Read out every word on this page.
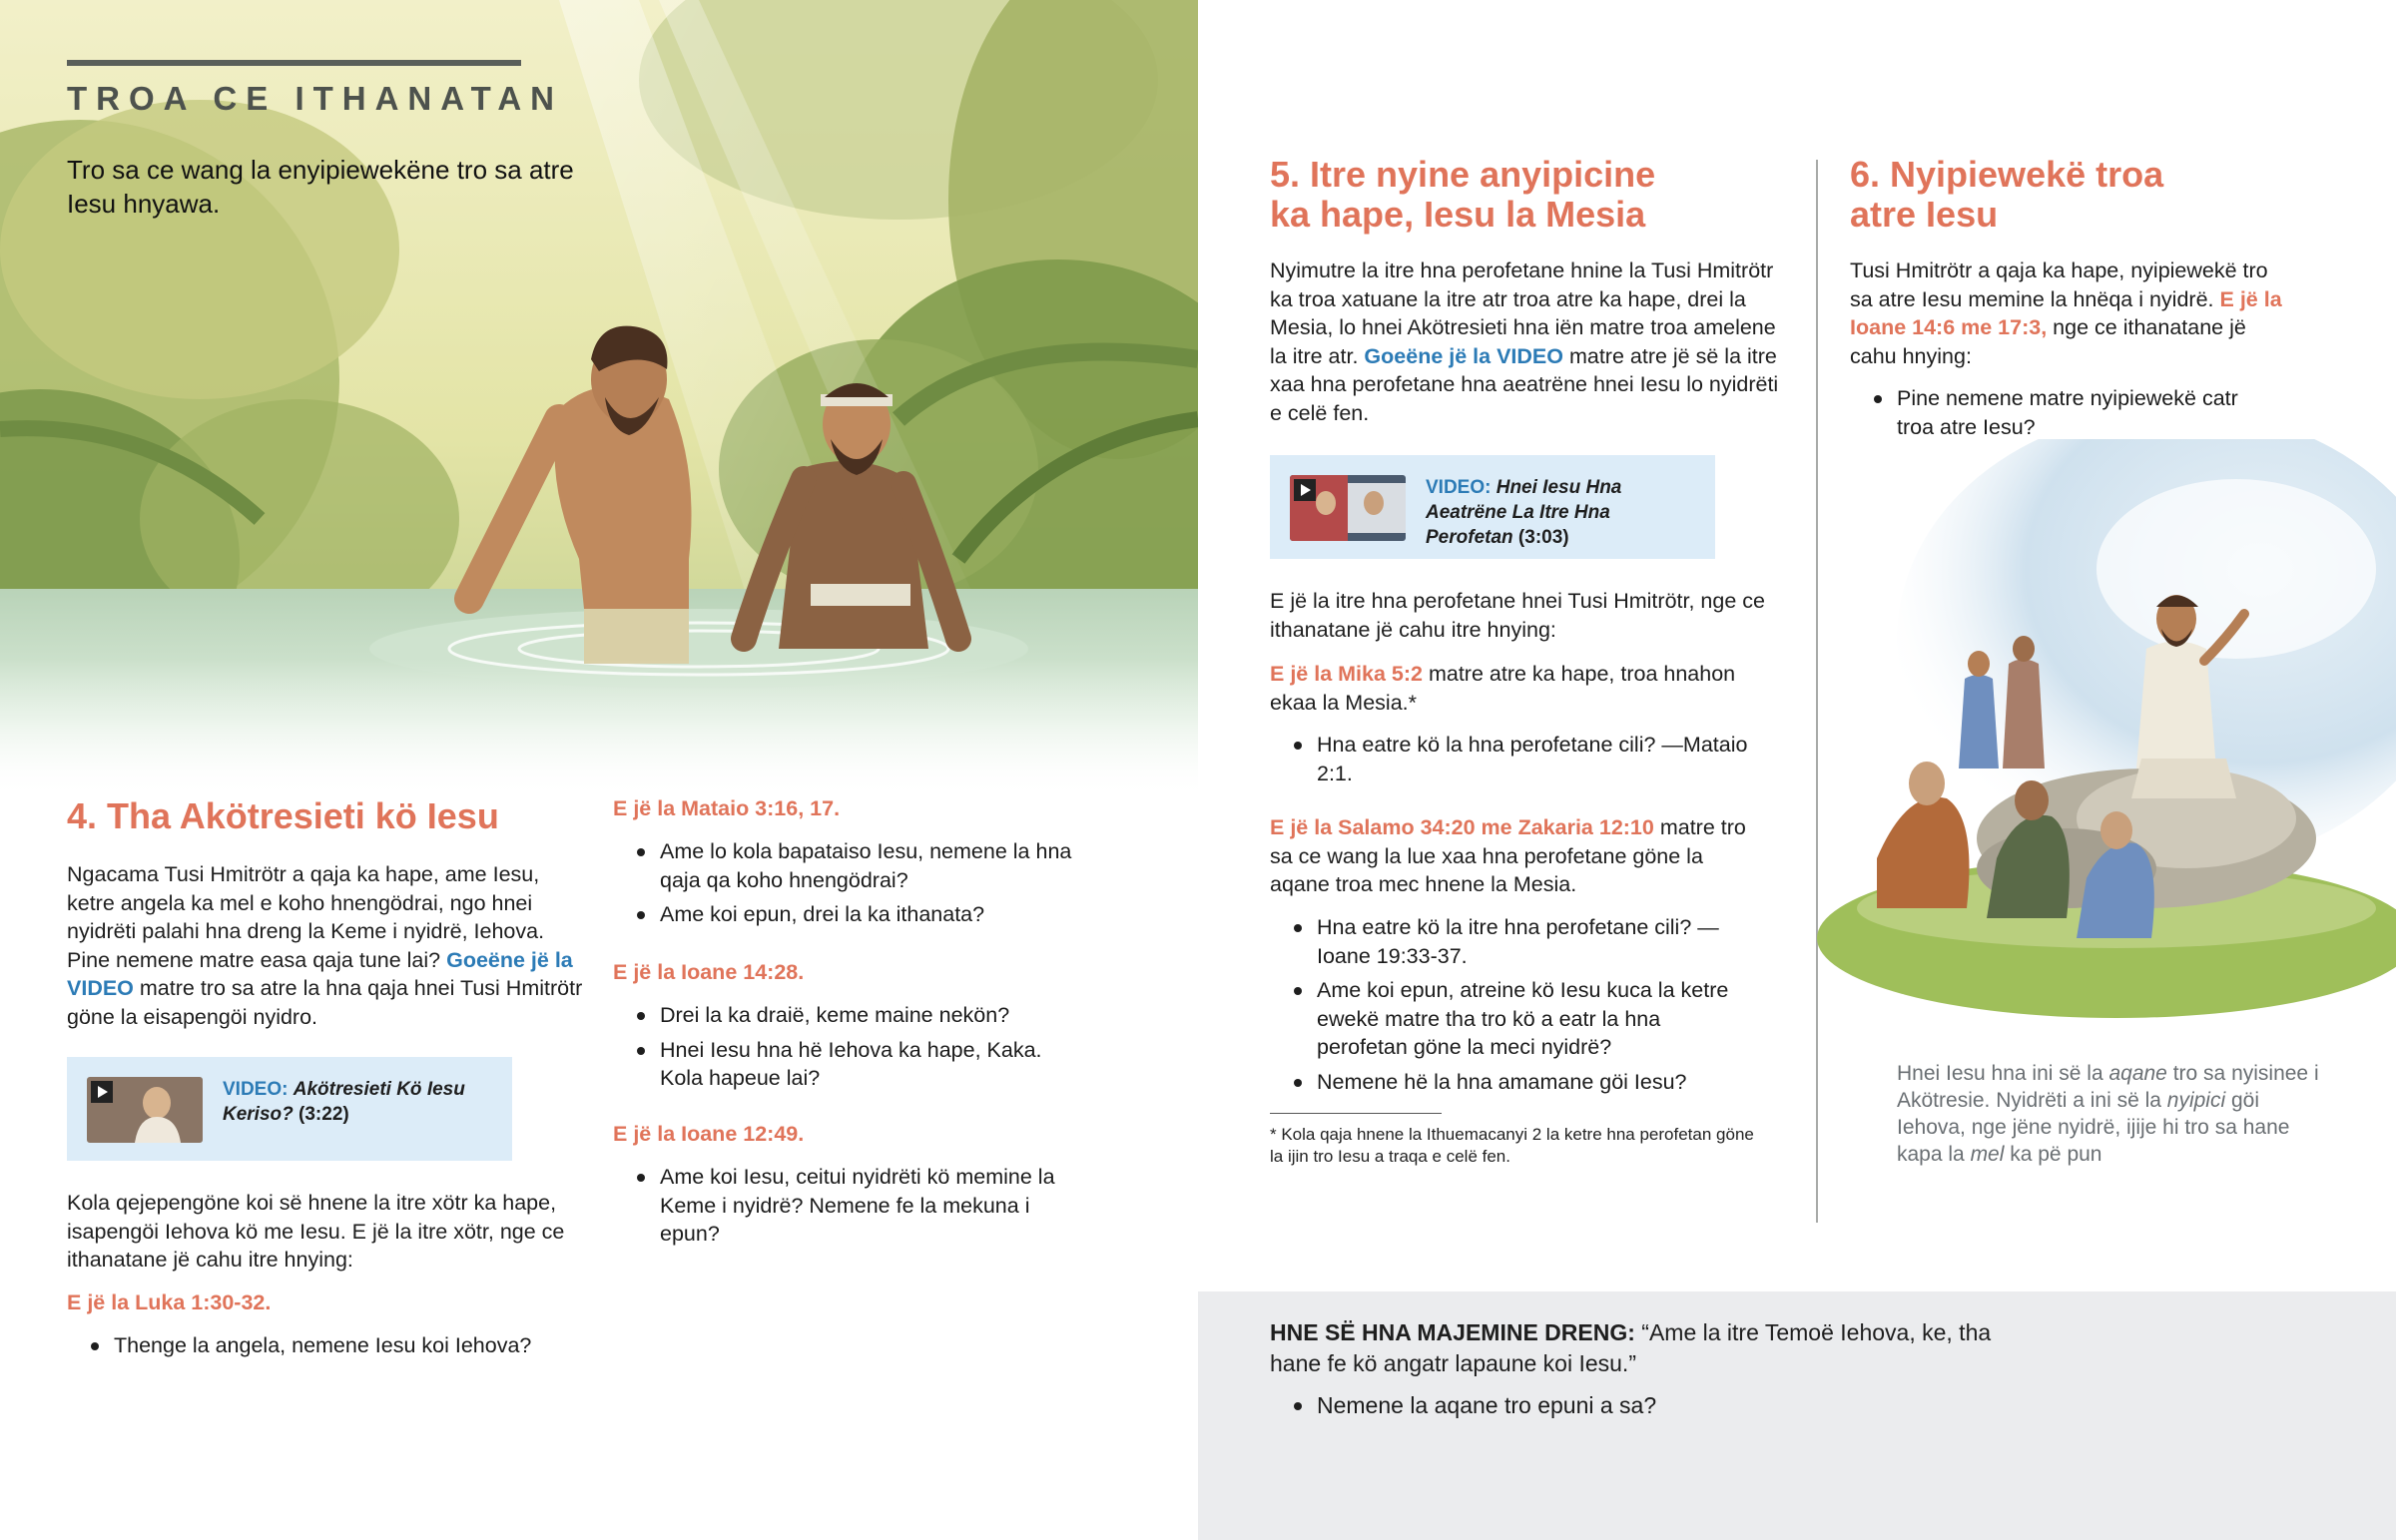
TROA CE ITHANATAN
Tro sa ce wang la enyipiewekëne tro sa atre Iesu hnyawa.
4. Tha Akötresieti kö Iesu
Ngacama Tusi Hmitrötr a qaja ka hape, ame Iesu, ketre angela ka mel e koho hnengödrai, ngo hnei nyidrëti palahi hna dreng la Keme i nyidrë, Iehova. Pine nemene matre easa qaja tune lai? Goeëne jë la VIDEO matre tro sa atre la hna qaja hnei Tusi Hmitrötr göne la eisapengöi nyidro.
VIDEO: Akötresieti Kö Iesu Keriso? (3:22)
Kola qejepengöne koi së hnene la itre xötr ka hape, isapengöi Iehova kö me Iesu. E jë la itre xötr, nge ce ithanatane jë cahu itre hnying:
E jë la Luka 1:30-32.
Thenge la angela, nemene Iesu koi Iehova?
E jë la Mataio 3:16, 17.
Ame lo kola bapataiso Iesu, nemene la hna qaja qa koho hnengödrai?
Ame koi epun, drei la ka ithanata?
E jë la Ioane 14:28.
Drei la ka draië, keme maine nekön?
Hnei Iesu hna hë Iehova ka hape, Kaka. Kola hapeue lai?
E jë la Ioane 12:49.
Ame koi Iesu, ceitui nyidrëti kö memine la Keme i nyidrë? Nemene fe la mekuna i epun?
5. Itre nyine anyipicine
ka hape, Iesu la Mesia
Nyimutre la itre hna perofetane hnine la Tusi Hmitrötr ka troa xatuane la itre atr troa atre ka hape, drei la Mesia, lo hnei Akötresieti hna iën matre troa amelene la itre atr. Goeëne jë la VIDEO matre atre jë së la itre xaa hna perofetane hna aeatrëne hnei Iesu lo nyidrëti e celë fen.
VIDEO: Hnei Iesu Hna Aeatrëne La Itre Hna Perofetan (3:03)
E jë la itre hna perofetane hnei Tusi Hmitrötr, nge ce ithanatane jë cahu itre hnying:
E jë la Mika 5:2 matre atre ka hape, troa hnahon ekaa la Mesia.*
Hna eatre kö la hna perofetane cili? —Mataio 2:1.
E jë la Salamo 34:20 me Zakaria 12:10 matre tro sa ce wang la lue xaa hna perofetane göne la aqane troa mec hnene la Mesia.
Hna eatre kö la itre hna perofetane cili? —Ioane 19:33-37.
Ame koi epun, atreine kö Iesu kuca la ketre ewekë matre tha tro kö a eatr la hna perofetan göne la meci nyidrë?
Nemene hë la hna amamane göi Iesu?
* Kola qaja hnene la Ithuemacanyi 2 la ketre hna perofetan göne la ijin tro Iesu a traqa e celë fen.
6. Nyipiewekë troa
atre Iesu
Tusi Hmitrötr a qaja ka hape, nyipiewekë tro sa atre Iesu memine la hnëqa i nyidrë. E jë la Ioane 14:6 me 17:3, nge ce ithanatane jë cahu hnying:
Pine nemene matre nyipiewekë catr troa atre Iesu?
Hnei Iesu hna ini së la aqane tro sa nyisinee i Akötresie. Nyidrëti a ini së la nyipici göi Iehova, nge jëne nyidrë, ijije hi tro sa hane kapa la mel ka pë pun
HNE SË HNA MAJEMINE DRENG: “Ame la itre Temoë Iehova, ke, tha hane fe kö angatr lapaune koi Iesu.”
Nemene la aqane tro epuni a sa?
